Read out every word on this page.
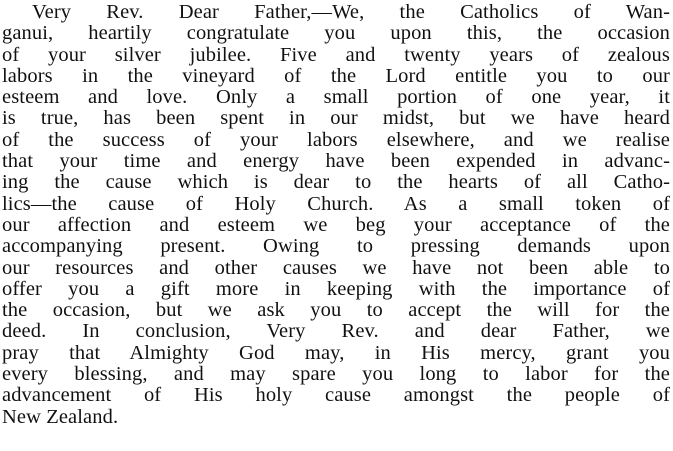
Very Rev. Dear Father,—We, the Catholics of Wan-
ganui, heartily congratulate you upon this, the occasion
of your silver jubilee. Five and twenty years of zealous
labors in the vineyard of the Lord entitle you to our
esteem and love. Only a small portion of one year, it
is true, has been spent in our midst, but we have heard
of the success of your labors elsewhere, and we realise
that your time and energy have been expended in advanc-
ing the cause which is dear to the hearts of all Catho-
lics—the cause of Holy Church. As a small token of
our affection and esteem we beg your acceptance of the
accompanying present. Owing to pressing demands upon
our resources and other causes we have not been able to
offer you a gift more in keeping with the importance of
the occasion, but we ask you to accept the will for the
deed. In conclusion, Very Rev. and dear Father, we
pray that Almighty God may, in His mercy, grant you
every blessing, and may spare you long to labor for the
advancement of His holy cause amongst the people of
New Zealand.
